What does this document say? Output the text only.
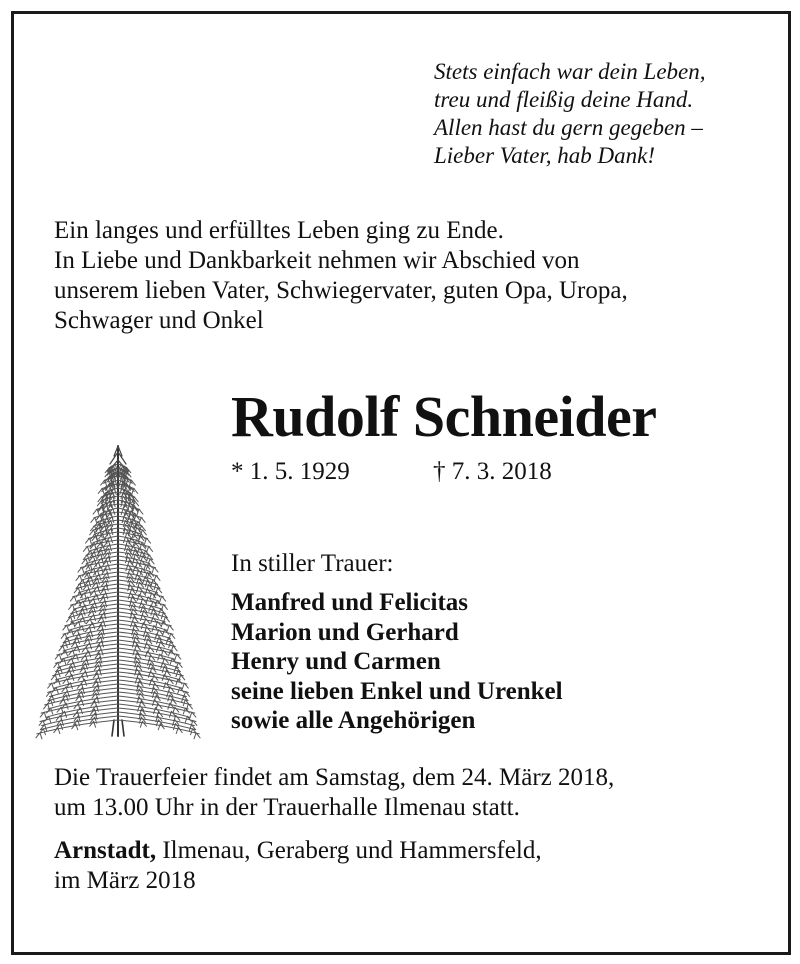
Stets einfach war dein Leben,
treu und fleißig deine Hand.
Allen hast du gern gegeben –
Lieber Vater, hab Dank!
Ein langes und erfülltes Leben ging zu Ende.
In Liebe und Dankbarkeit nehmen wir Abschied von
unserem lieben Vater, Schwiegervater, guten Opa, Uropa,
Schwager und Onkel
Rudolf Schneider
* 1. 5. 1929	† 7. 3. 2018
In stiller Trauer:
Manfred und Felicitas
Marion und Gerhard
Henry und Carmen
seine lieben Enkel und Urenkel
sowie alle Angehörigen
Die Trauerfeier findet am Samstag, dem 24. März 2018,
um 13.00 Uhr in der Trauerhalle Ilmenau statt.
Arnstadt, Ilmenau, Geraberg und Hammersfeld,
im März 2018
